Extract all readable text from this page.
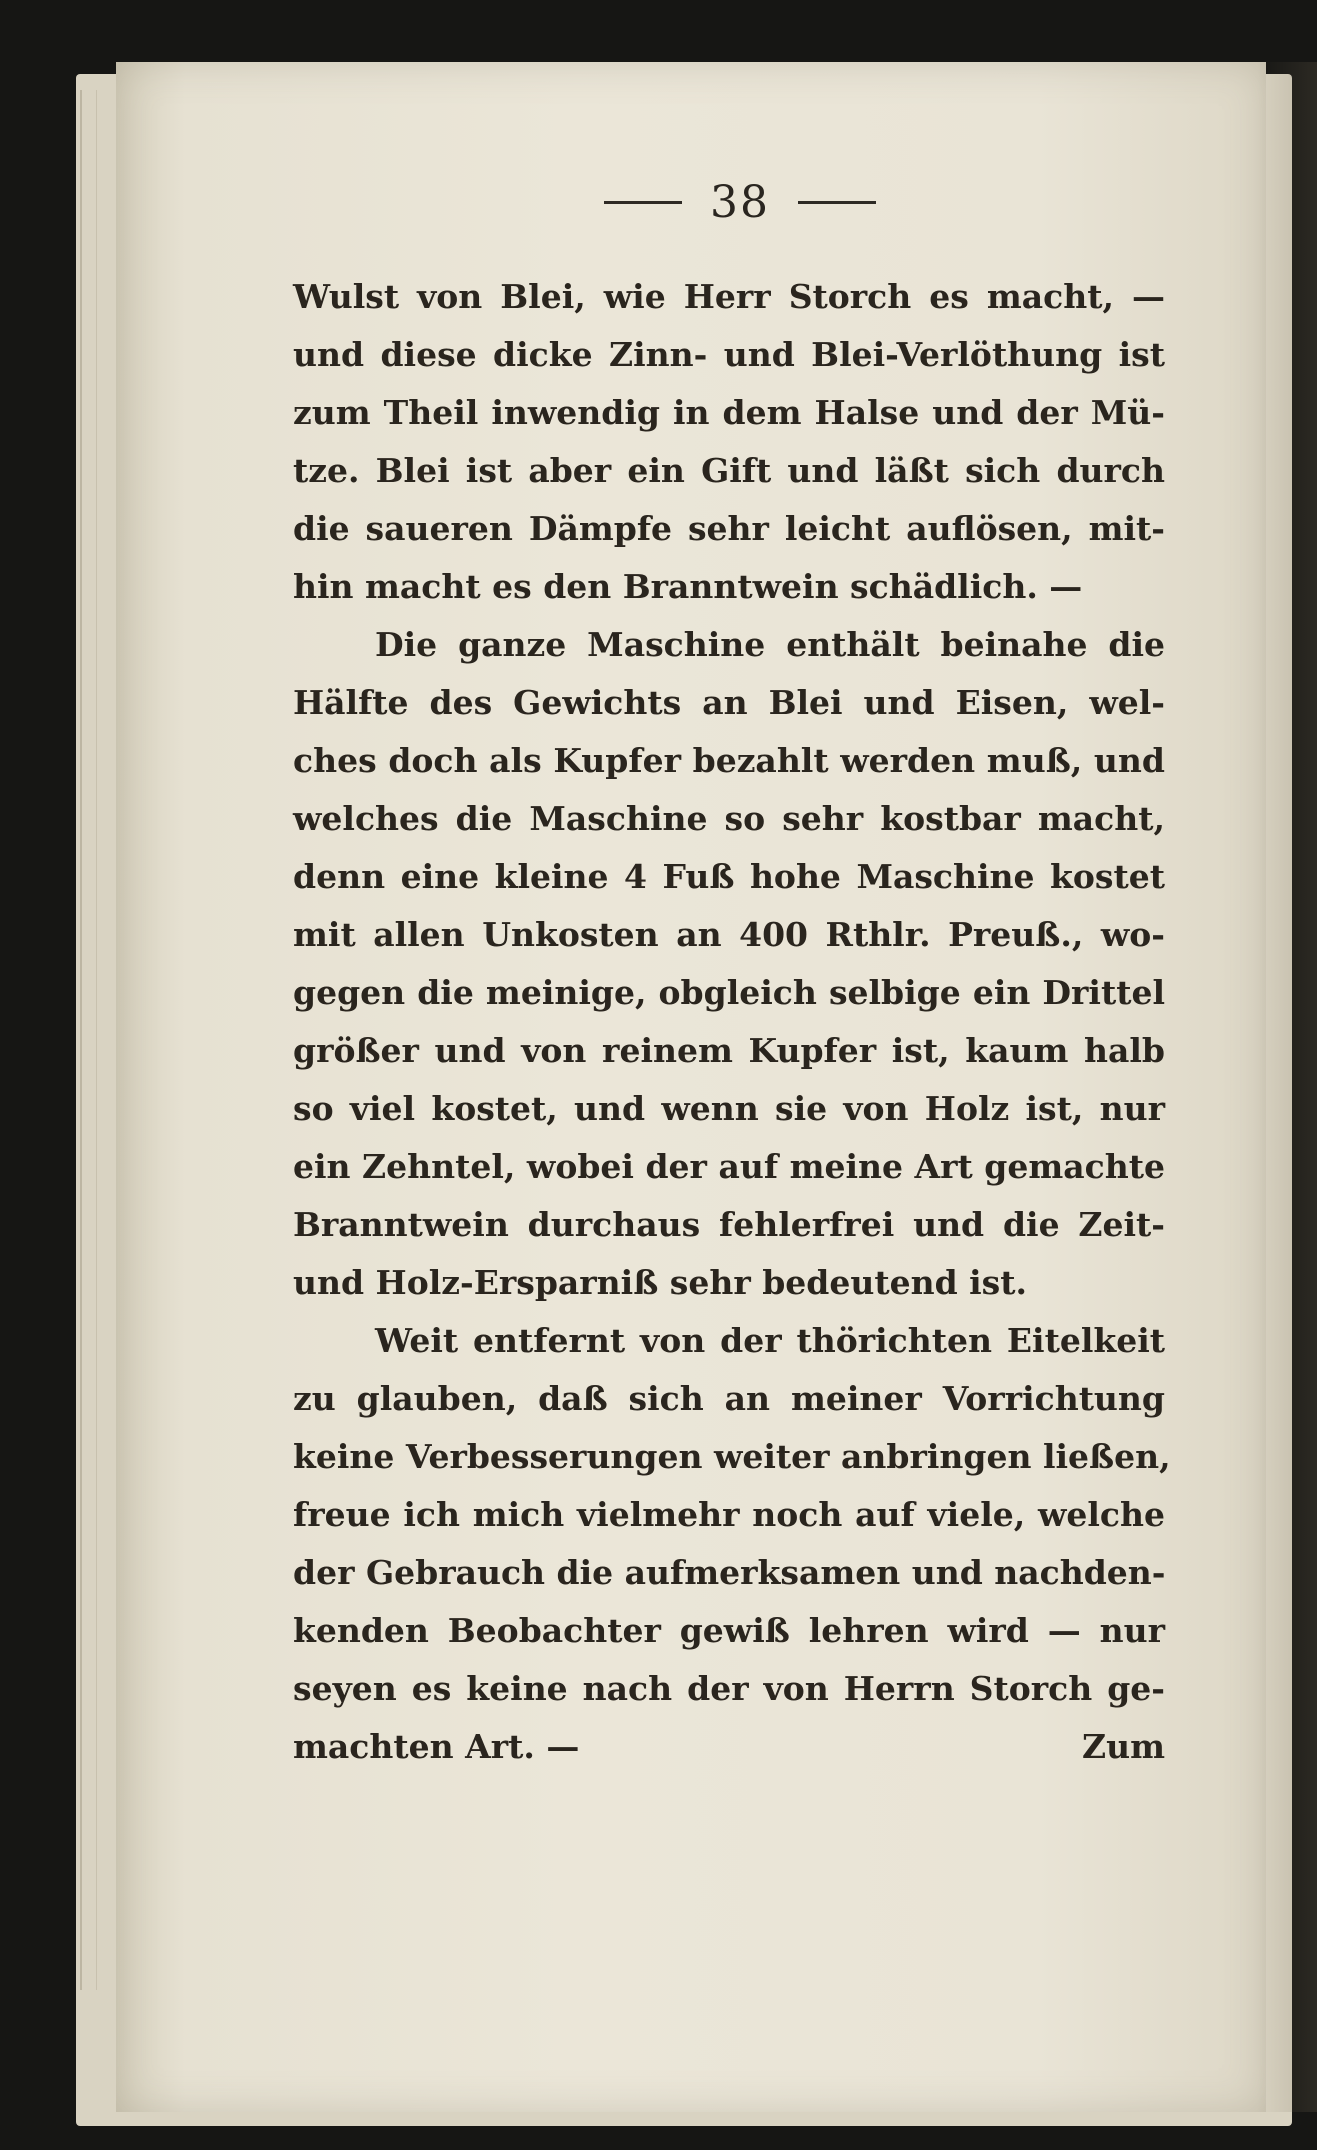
38

Wulst von Blei, wie Herr Storch es macht, —
und diese dicke Zinn- und Blei-Verlöthung ist
zum Theil inwendig in dem Halse und der Mü-
tze. Blei ist aber ein Gift und läßt sich durch
die saueren Dämpfe sehr leicht auflösen, mit-
hin macht es den Branntwein schädlich. —

Die ganze Maschine enthält beinahe die
Hälfte des Gewichts an Blei und Eisen, wel-
ches doch als Kupfer bezahlt werden muß, und
welches die Maschine so sehr kostbar macht,
denn eine kleine 4 Fuß hohe Maschine kostet
mit allen Unkosten an 400 Rthlr. Preuß., wo-
gegen die meinige, obgleich selbige ein Drittel
größer und von reinem Kupfer ist, kaum halb
so viel kostet, und wenn sie von Holz ist, nur
ein Zehntel, wobei der auf meine Art gemachte
Branntwein durchaus fehlerfrei und die Zeit-
und Holz-Ersparniß sehr bedeutend ist.

Weit entfernt von der thörichten Eitelkeit
zu glauben, daß sich an meiner Vorrichtung
keine Verbesserungen weiter anbringen ließen,
freue ich mich vielmehr noch auf viele, welche
der Gebrauch die aufmerksamen und nachden-
kenden Beobachter gewiß lehren wird — nur
seyen es keine nach der von Herrn Storch ge-
machten Art. —	Zum
